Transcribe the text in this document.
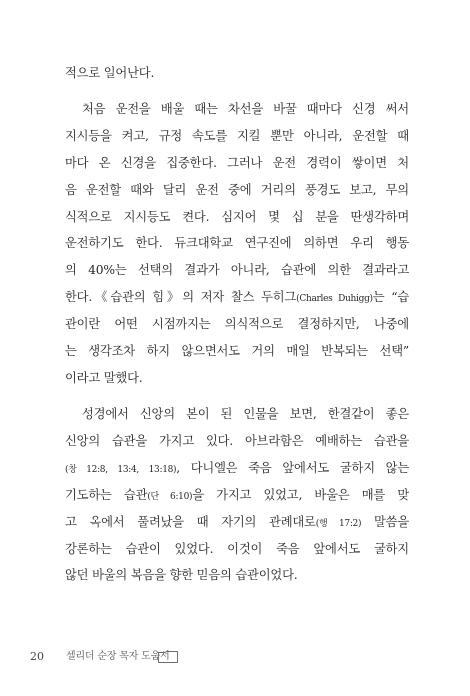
적으로 일어난다.
처음 운전을 배울 때는 차선을 바꿀 때마다 신경 써서
지시등을 켜고, 규정 속도를 지킬 뿐만 아니라, 운전할 때
마다 온 신경을 집중한다. 그러나 운전 경력이 쌓이면 처
음 운전할 때와 달리 운전 중에 거리의 풍경도 보고, 무의
식적으로 지시등도 켠다. 심지어 몇 십 분을 딴생각하며
운전하기도 한다. 듀크대학교 연구진에 의하면 우리 행동
의 40%는 선택의 결과가 아니라, 습관에 의한 결과라고
한다.《습관의 힘》의 저자 찰스 두히그(Charles Duhigg)는 “습
관이란 어떤 시점까지는 의식적으로 결정하지만, 나중에
는 생각조차 하지 않으면서도 거의 매일 반복되는 선택”
이라고 말했다.
성경에서 신앙의 본이 된 인물을 보면, 한결같이 좋은
신앙의 습관을 가지고 있다. 아브라함은 예배하는 습관을
(창 12:8, 13:4, 13:18), 다니엘은 죽음 앞에서도 굴하지 않는
기도하는 습관(단 6:10)을 가지고 있었고, 바울은 매를 맞
고 옥에서 풀려났을 때 자기의 관례대로(행 17:2) 말씀을
강론하는 습관이 있었다. 이것이 죽음 앞에서도 굴하지
않던 바울의 복음을 향한 믿음의 습관이었다.
20 셀리더 순장 목자 도움서
